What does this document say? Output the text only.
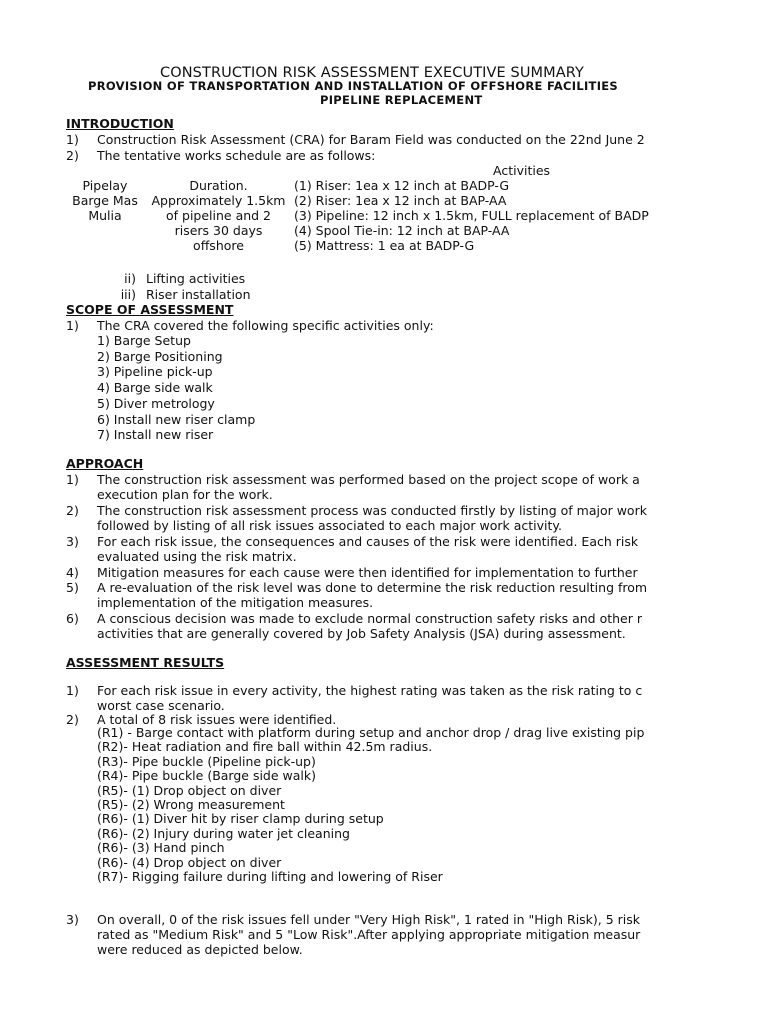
CONSTRUCTION RISK ASSESSMENT EXECUTIVE SUMMARY
PROVISION OF TRANSPORTATION AND INSTALLATION OF OFFSHORE FACILITIES
PIPELINE REPLACEMENT
INTRODUCTION
1) Construction Risk Assessment (CRA) for Baram Field was conducted on the 22nd June 2
2) The tentative works schedule are as follows:
Activities
Pipelay
Barge Mas
Mulia
Duration.
Approximately 1.5km
of pipeline and 2
risers 30 days
offshore
(1) Riser: 1ea x 12 inch at BADP-G
(2) Riser: 1ea x 12 inch at BAP-AA
(3) Pipeline: 12 inch x 1.5km, FULL replacement of BADP
(4) Spool Tie-in: 12 inch at BAP-AA
(5) Mattress: 1 ea at BADP-G
ii) Lifting activities
iii) Riser installation
SCOPE OF ASSESSMENT
1) The CRA covered the following specific activities only:
1) Barge Setup
2) Barge Positioning
3) Pipeline pick-up
4) Barge side walk
5) Diver metrology
6) Install new riser clamp
7) Install new riser
APPROACH
1) The construction risk assessment was performed based on the project scope of work a
execution plan for the work.
2) The construction risk assessment process was conducted firstly by listing of major work
followed by listing of all risk issues associated to each major work activity.
3) For each risk issue, the consequences and causes of the risk were identified. Each risk
evaluated using the risk matrix.
4) Mitigation measures for each cause were then identified for implementation to further
5) A re-evaluation of the risk level was done to determine the risk reduction resulting from
implementation of the mitigation measures.
6) A conscious decision was made to exclude normal construction safety risks and other r
activities that are generally covered by Job Safety Analysis (JSA) during assessment.
ASSESSMENT RESULTS
1) For each risk issue in every activity, the highest rating was taken as the risk rating to c
worst case scenario.
2) A total of 8 risk issues were identified.
(R1) - Barge contact with platform during setup and anchor drop / drag live existing pip
(R2)- Heat radiation and fire ball within 42.5m radius.
(R3)- Pipe buckle (Pipeline pick-up)
(R4)- Pipe buckle (Barge side walk)
(R5)- (1) Drop object on diver
(R5)- (2) Wrong measurement
(R6)- (1) Diver hit by riser clamp during setup
(R6)- (2) Injury during water jet cleaning
(R6)- (3) Hand pinch
(R6)- (4) Drop object on diver
(R7)- Rigging failure during lifting and lowering of Riser
3) On overall, 0 of the risk issues fell under "Very High Risk", 1 rated in "High Risk), 5 risk
rated as "Medium Risk" and 5 "Low Risk".After applying appropriate mitigation measur
were reduced as depicted below.
